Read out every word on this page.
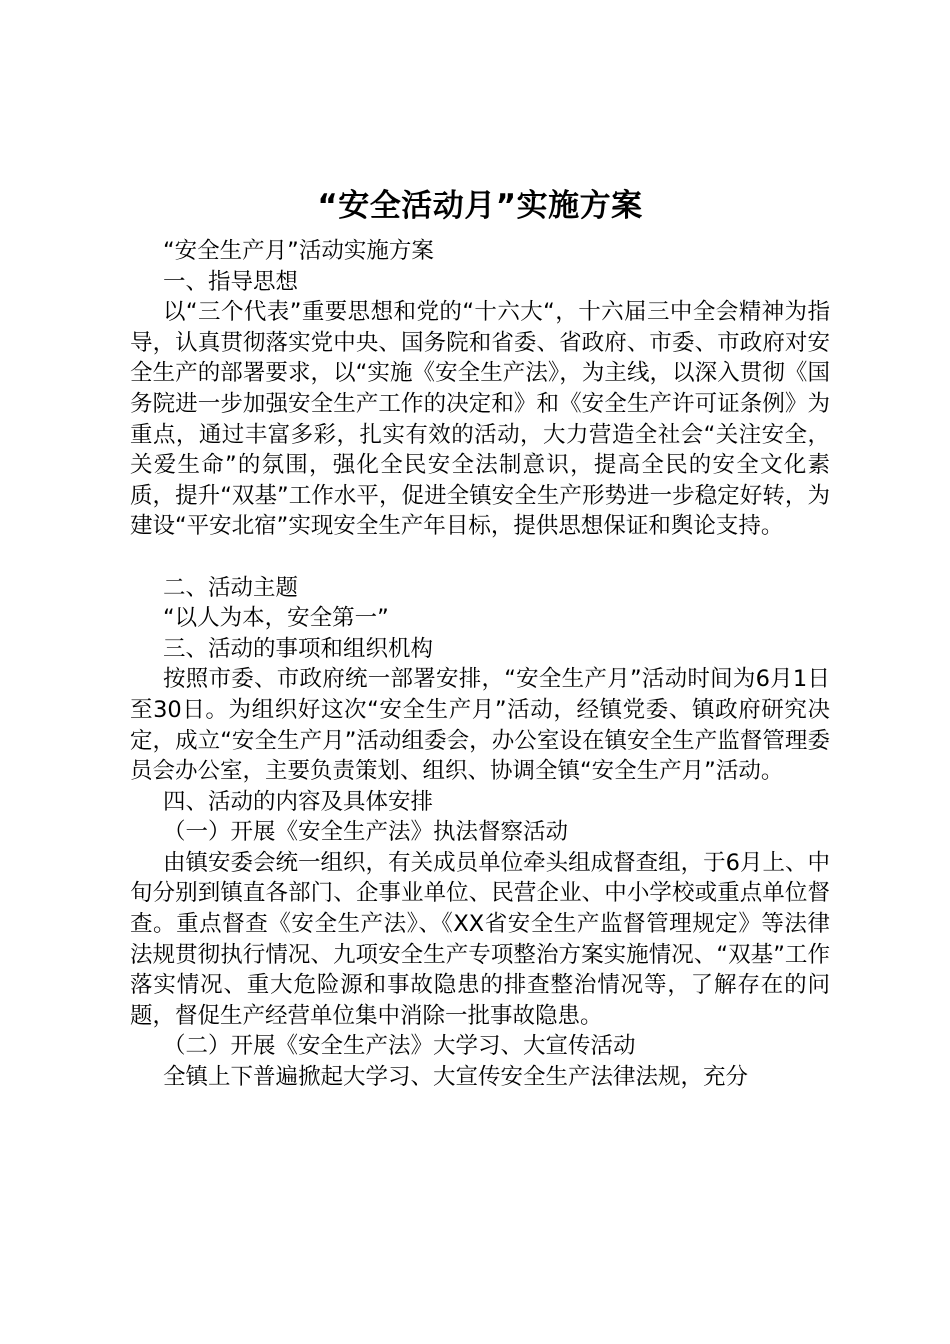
“安全活动月”实施方案

“安全生产月”活动实施方案

一、指导思想

以“三个代表”重要思想和党的“十六大“，十六届三中全会精神为指导，认真贯彻落实党中央、国务院和省委、省政府、市委、市政府对安全生产的部署要求，以“实施《安全生产法》，为主线，以深入贯彻《国务院进一步加强安全生产工作的决定和》和《安全生产许可证条例》为重点，通过丰富多彩，扎实有效的活动，大力营造全社会“关注安全，关爱生命”的氛围，强化全民安全法制意识，提高全民的安全文化素质，提升“双基”工作水平，促进全镇安全生产形势进一步稳定好转，为建设“平安北宿”实现安全生产年目标，提供思想保证和舆论支持。

二、活动主题

“以人为本，安全第一”

三、活动的事项和组织机构

按照市委、市政府统一部署安排，“安全生产月”活动时间为6月1日至30日。为组织好这次“安全生产月”活动，经镇党委、镇政府研究决定，成立“安全生产月”活动组委会，办公室设在镇安全生产监督管理委员会办公室，主要负责策划、组织、协调全镇“安全生产月”活动。

四、活动的内容及具体安排

（一）开展《安全生产法》执法督察活动

由镇安委会统一组织，有关成员单位牵头组成督查组，于6月上、中旬分别到镇直各部门、企事业单位、民营企业、中小学校或重点单位督查。重点督查《安全生产法》、《XX省安全生产监督管理规定》等法律法规贯彻执行情况、九项安全生产专项整治方案实施情况、“双基”工作落实情况、重大危险源和事故隐患的排查整治情况等，了解存在的问题，督促生产经营单位集中消除一批事故隐患。

（二）开展《安全生产法》大学习、大宣传活动

全镇上下普遍掀起大学习、大宣传安全生产法律法规，充分
